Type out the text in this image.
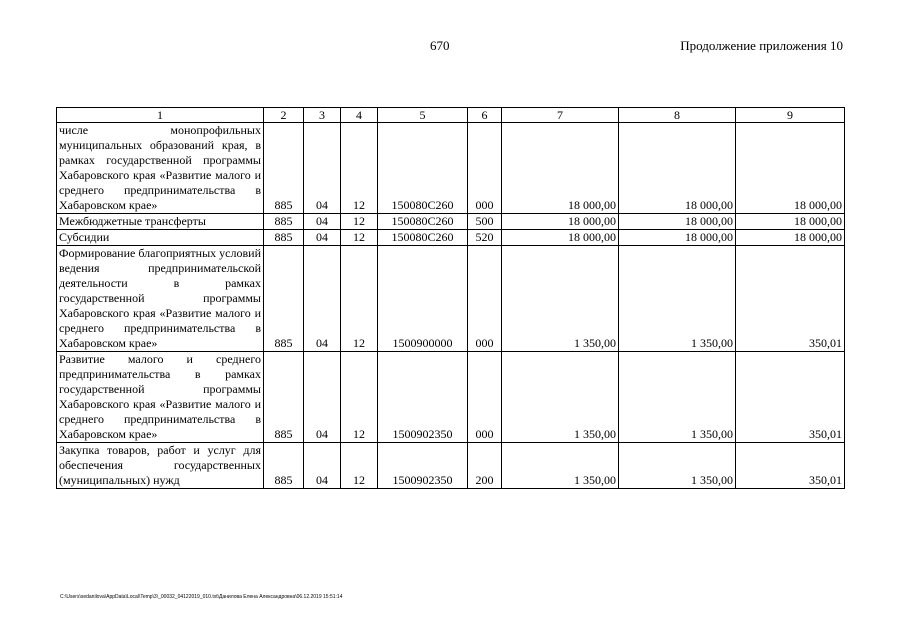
670	Продолжение приложения 10
1	2	3	4	5	6	7	8	9
числе монопрофильных муниципальных образований края, в рамках государственной программы Хабаровского края «Развитие малого и среднего предпринимательства в Хабаровском крае»	885	04	12	150080С260	000	18 000,00	18 000,00	18 000,00
Межбюджетные трансферты	885	04	12	150080С260	500	18 000,00	18 000,00	18 000,00
Субсидии	885	04	12	150080С260	520	18 000,00	18 000,00	18 000,00
Формирование благоприятных условий ведения предпринимательской деятельности в рамках государственной программы Хабаровского края «Развитие малого и среднего предпринимательства в Хабаровском крае»	885	04	12	1500900000	000	1 350,00	1 350,00	350,01
Развитие малого и среднего предпринимательства в рамках государственной программы Хабаровского края «Развитие малого и среднего предпринимательства в Хабаровском крае»	885	04	12	1500902350	000	1 350,00	1 350,00	350,01
Закупка товаров, работ и услуг для обеспечения государственных (муниципальных) нужд	885	04	12	1500902350	200	1 350,00	1 350,00	350,01
C:\Users\sedanilova\AppData\Local\Temp\3\_00032_04122019_010.txt\Данилова Елена Александровна\06.12.2019 15:51:14
